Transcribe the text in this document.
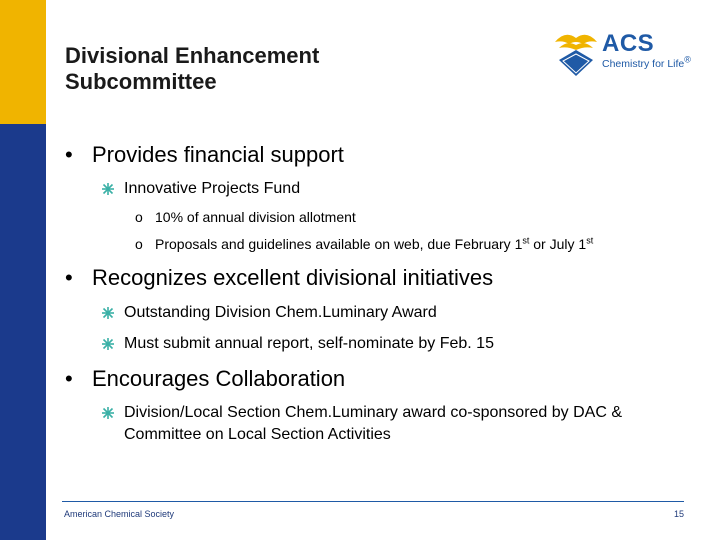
Divisional Enhancement
Subcommittee
ACS
Chemistry for Life®
• Provides financial support
Innovative Projects Fund
o 10% of annual division allotment
o Proposals and guidelines available on web, due February 1st or July 1st
• Recognizes excellent divisional initiatives
Outstanding Division Chem.Luminary Award
Must submit annual report, self-nominate by Feb. 15
• Encourages Collaboration
Division/Local Section Chem.Luminary award co-sponsored by DAC &
Committee on Local Section Activities
American Chemical Society	15
